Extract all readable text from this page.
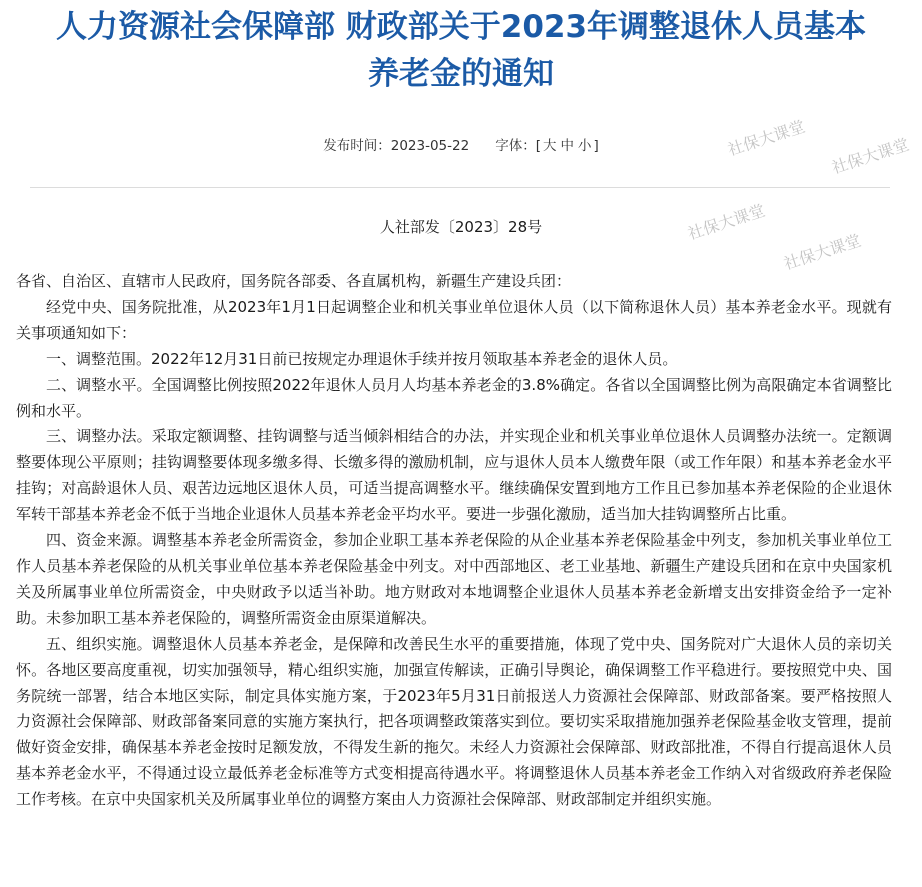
人力资源社会保障部 财政部关于2023年调整退休人员基本
养老金的通知
发布时间：2023-05-22 字体：[ 大 中 小 ]
人社部发〔2023〕28号

各省、自治区、直辖市人民政府，国务院各部委、各直属机构，新疆生产建设兵团：

经党中央、国务院批准，从2023年1月1日起调整企业和机关事业单位退休人员（以下简称退休人员）基本养老金水平。现就有关事项通知如下：

一、调整范围。2022年12月31日前已按规定办理退休手续并按月领取基本养老金的退休人员。

二、调整水平。全国调整比例按照2022年退休人员月人均基本养老金的3.8%确定。各省以全国调整比例为高限确定本省调整比例和水平。

三、调整办法。采取定额调整、挂钩调整与适当倾斜相结合的办法，并实现企业和机关事业单位退休人员调整办法统一。定额调整要体现公平原则；挂钩调整要体现多缴多得、长缴多得的激励机制，应与退休人员本人缴费年限（或工作年限）和基本养老金水平挂钩；对高龄退休人员、艰苦边远地区退休人员，可适当提高调整水平。继续确保安置到地方工作且已参加基本养老保险的企业退休军转干部基本养老金不低于当地企业退休人员基本养老金平均水平。要进一步强化激励，适当加大挂钩调整所占比重。

四、资金来源。调整基本养老金所需资金，参加企业职工基本养老保险的从企业基本养老保险基金中列支，参加机关事业单位工作人员基本养老保险的从机关事业单位基本养老保险基金中列支。对中西部地区、老工业基地、新疆生产建设兵团和在京中央国家机关及所属事业单位所需资金，中央财政予以适当补助。地方财政对本地调整企业退休人员基本养老金新增支出安排资金给予一定补助。未参加职工基本养老保险的，调整所需资金由原渠道解决。

五、组织实施。调整退休人员基本养老金，是保障和改善民生水平的重要措施，体现了党中央、国务院对广大退休人员的亲切关怀。各地区要高度重视，切实加强领导，精心组织实施，加强宣传解读，正确引导舆论，确保调整工作平稳进行。要按照党中央、国务院统一部署，结合本地区实际，制定具体实施方案，于2023年5月31日前报送人力资源社会保障部、财政部备案。要严格按照人力资源社会保障部、财政部备案同意的实施方案执行，把各项调整政策落实到位。要切实采取措施加强养老保险基金收支管理，提前做好资金安排，确保基本养老金按时足额发放，不得发生新的拖欠。未经人力资源社会保障部、财政部批准，不得自行提高退休人员基本养老金水平，不得通过设立最低养老金标准等方式变相提高待遇水平。将调整退休人员基本养老金工作纳入对省级政府养老保险工作考核。在京中央国家机关及所属事业单位的调整方案由人力资源社会保障部、财政部制定并组织实施。

社保大课堂 社保大课堂
社保大课堂
社保大课堂
